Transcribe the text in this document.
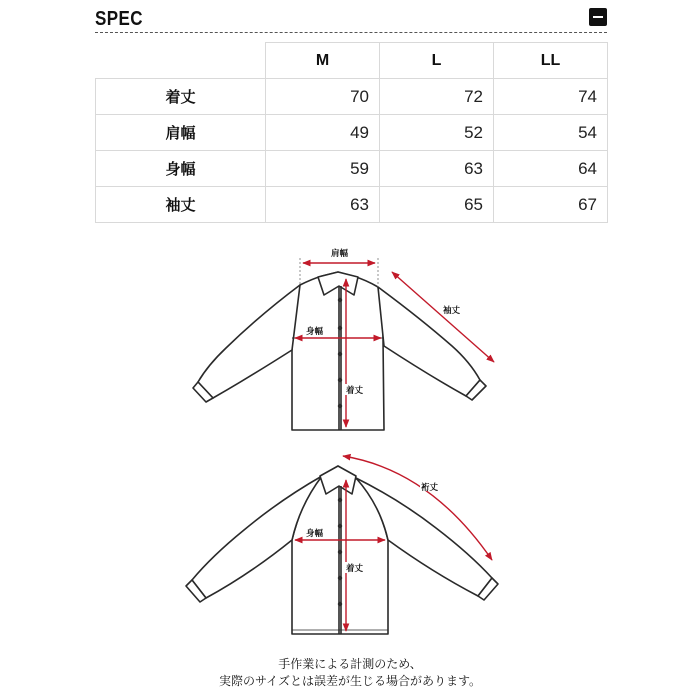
SPEC
	M	L	LL
着丈	70	72	74
肩幅	49	52	54
身幅	59	63	64
袖丈	63	65	67
肩幅
袖丈
身幅
着丈
裄丈
身幅
着丈
手作業による計測のため、
実際のサイズとは誤差が生じる場合があります。
